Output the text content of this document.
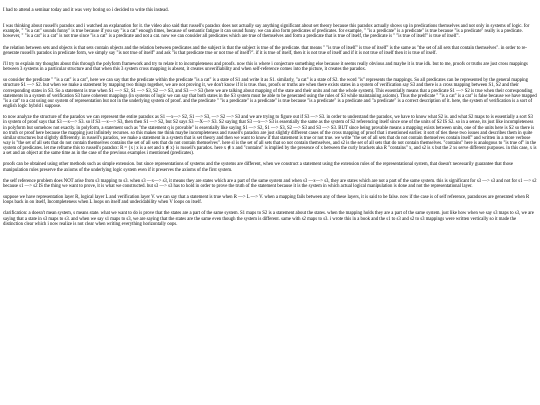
I had to attend a seminar today and it was very boring so i decided to write this instead.

I was thinking about russell's paradox and i watched an explanation for it. the video also said that russell's paradox does not actually say anything significant about set theory because this paradox actually shows up in predications themselves and not only in systems of logic. for example, " "is a cat" sounds funny" is true because if you say "is a cat" enough times, because of semantic fatigue it can sound funny. we can also form predicates of predicates. for example, " "is a predicate" is a predicate" is true because "is a predicate" really is a predicate. however, " "is a cat" is a cat" is not true since "is a cat" is a predicate and not a cat. now we can consider all predicates which are true of themselves and form a predicate that is true of itself, the predicate is " "is true of itself" is true of itself".

the relation between sets and objects is that sets contain objects and the relation between predicates and the subject is that the subject is true of the predicate. that means " "is true of itself" is true of itself" is the same as "the set of all sets that contain themselves". in order to re-generate russell's paradox in predicate form, we simply say "is not true of itself" and ask "is that predicate true or not true of itself?". if it is true of itself, then it is not true of itself and if it is not true of itself then it is true of itself.

i'll try to explain my thoughts about this through the polyform framework and try to relate it to incompleteness and proofs. now this is where i conjecture something else because it seems really obvious and maybe it is true idk. but to me, proofs or truths are just cross mappings between 3 systems in a particular structure and that when this 3 system cross mapping is absent, it creates unverifiability and when self-reference comes into the picture, it creates the paradox.

so consider the predicate " "is a cat" is a cat", here we can say that the predicate within the predicate "is a cat" is a state of S1 and write it as S1. similarly, "a cat" is a state of S2. the word "is" represents the mappings. So all predicates can be represented by the general mapping structure S1 —> S2. but when we make a statement by mapping two things together, we are not proving it, we don't know if it is true. thus, proofs or truths are when there exists states in a system of verification say S3 and there is a cross mapping between S1, S2 and their corresponding states in S3. So a statement is true when S1 —> S2, S1 —> S3, S2 —> S3, and S3 —> S3 (here we are talking about mapping of the state and their units and not the whole system). This essentially means that a predicate S1 —> S2 is true when their corresponding statements in a system of verification S3 have coherent mappings (in systems of logic we can say that both states in the S3 system must be able to be generated using the rules of S3 while maintaining axioms). Thus the predicate " "is a cat" is a cat" is false because we have mapped "is a cat" to a cat using our system of representation but not in the underlying system of proof. and the predicate " "is a predicate" is a predicate" is true because "is a predicate" is a predicate and "a predicate" is a correct description of it. here, the system of verification is a sort of english logic hybrid i suppose.

to now analyze the structure of the paradox we can represent the entire paradox as S1 —x—> S2, S1 —> S3, —> S2 —> S3 and we are trying to figure out if S3 —> S3. in order to understand the paradox, we have to know what S2 is. and what S2 maps to is essentially a sort S3 in system of proof says that S3 —x—> S3. so if S3 —x—> S3, then then S1 —> S2, but S2 says S3 —X—> S3. S2 saying that S3 —x—> S3 is essentially the same as the system of S2 referencing itself since one of the units of S2 IS S2. so in a sense, its just like incompleteness in polyform but somehow not exactly. in polyform, a statement such as "the statement q is provable" is essentially like saying S1 —> S2, S1 —> S3, S2 —> S3 and S3 —> S3. BUT since being provable means a mapping exists between units, one of the units here is S2 so there is no truth or proof here because the mapping just infinitely recurses. so this makes me think maybe incompleteness and russell's paradox are just slightly different cases of the cross mapping of proof that i mentioned earlier. it sort of ties these two issues and describes them in quite similar structures but slightly differently. in russell's paradox, we make a statement in a system that is set theory and then we want to know if that statement is true or not true. we write "the set of all sets that do not contain themselves contain itself" and written in a more verbose way is "the set of all sets that do not contain themselves contains the set of all sets that do not contain themselves". here sl is the set of all sets that so not contain themselves, and s2 is the set of all sets that do not contain themselves. "contains" here is analogous to "is true of" in the system of predicates. let me reframe this to russell's paradox: R = {x | x is a set and x ∉ x} is russell's paradox. here x ∉ x and "contains" is implied by the presence of x between the curly brackets aka R "contains" x, and s2 is x but the 2 xs serve different purposes. in this case, x is a set and an object at the same time as in the case of the previous examples i mentioned (predicates).

proofs can be obtained using other methods such as simple extension. but since representations of systems and the systems are different, when we construct a statement using the extension rules of the representational system, that doesn't necessarily guarantee that those manipulation rules preserve the axioms of the underlying logic system even if it preserves the axioms of the first system.

the self reference problem does NOT arise from s3 mapping to s3. when s3 —x—> s3, it means they are states which are a part of the same system and when s3 —x—> s3, they are states which are not a part of the same system. this is significant for s3 —> s3 and not for s1 —> s2 because s1 —> s2 IS the thing we want to prove, it is what we constructed. but s3 —> s3 has to hold in order to prove the truth of the statement because it is the system in which actual logical manipulation is done and not the representational layer.

suppose we have representation layer R, logical layer L and verification layer V. we can say that a statement is true when R —> L —> V. when a mapping fails between any of these layers, it is said to be false. now if the case is of self reference, paradoxes are generated when R loops back in on itself, Incompleteness when L loops on itself and undecidability when V loops on itself.

clarification: a doesn't mean system, s means state. what we want to do is prove that the states are a part of the same system. S1 maps to S2 is a statement about the states. when the mapping holds they are a part of the same system. just like how when we say s3 maps to s3, we are saying that a state in s3 maps to s3. and when we say s1 maps to s3, we are saying that the states are the same even though the system is different. same with s2 maps to s3. i wrote this in a book and the s1 to s3 and s2 to s3 mappings were written vertically so it made the distinction clear which i now realize is not clear when writing everything horizontally oops.
